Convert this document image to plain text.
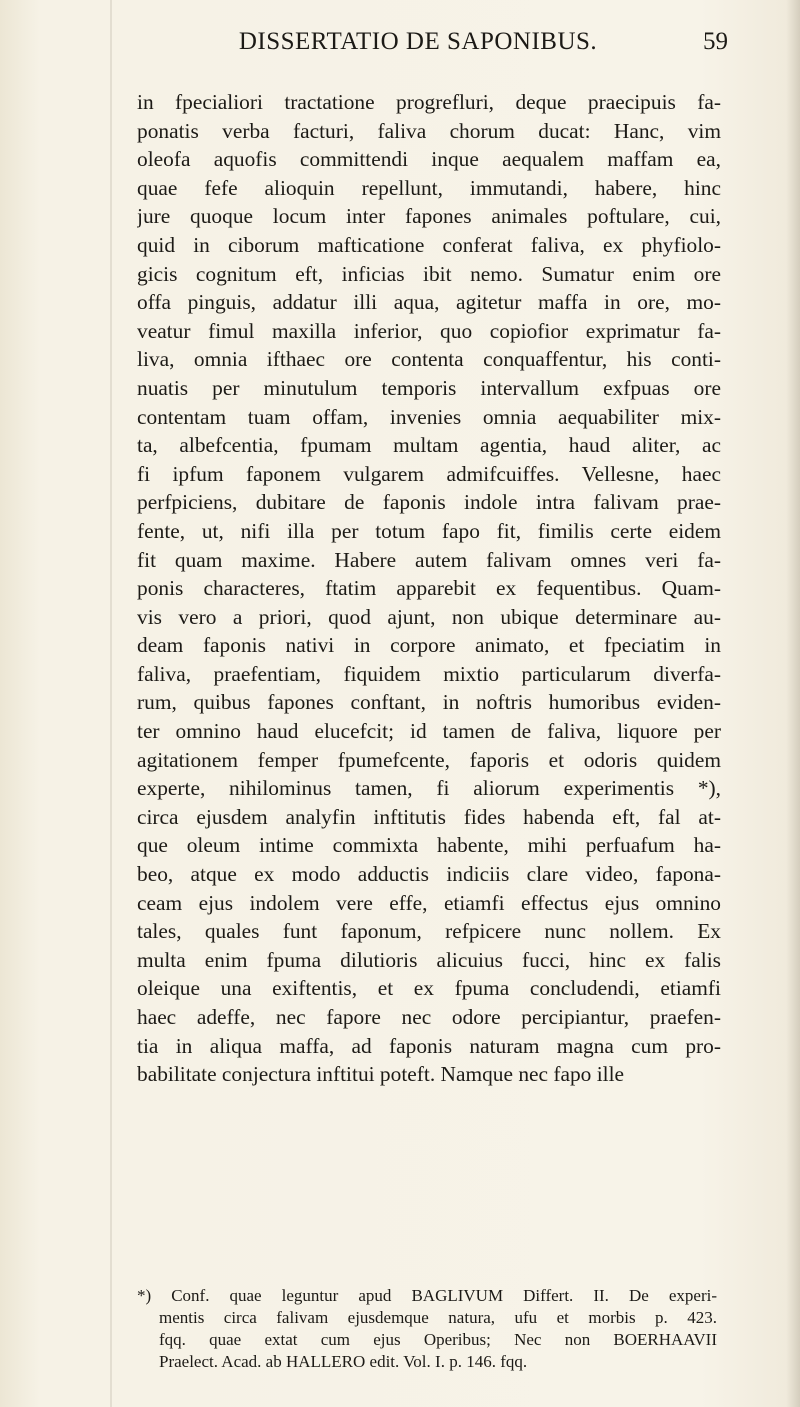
DISSERTATIO DE SAPONIBUS.	59
in fpecialiori tractatione progrefluri, deque praecipuis fa-
ponatis verba facturi, faliva chorum ducat: Hanc, vim
oleofa aquofis committendi inque aequalem maffam ea,
quae fefe alioquin repellunt, immutandi, habere, hinc
jure quoque locum inter fapones animales poftulare, cui,
quid in ciborum mafticatione conferat faliva, ex phyfiolo-
gicis cognitum eft, inficias ibit nemo. Sumatur enim ore
offa pinguis, addatur illi aqua, agitetur maffa in ore, mo-
veatur fimul maxilla inferior, quo copiofior exprimatur fa-
liva, omnia ifthaec ore contenta conquaffentur, his conti-
nuatis per minutulum temporis intervallum exfpuas ore
contentam tuam offam, invenies omnia aequabiliter mix-
ta, albefcentia, fpumam multam agentia, haud aliter, ac
fi ipfum faponem vulgarem admifcuiffes. Vellesne, haec
perfpiciens, dubitare de faponis indole intra falivam prae-
fente, ut, nifi illa per totum fapo fit, fimilis certe eidem
fit quam maxime. Habere autem falivam omnes veri fa-
ponis charactеres, ftatim apparebit ex fequentibus. Quam-
vis vero a priori, quod ajunt, non ubique determinare au-
deam faponis nativi in corpore animato, et fpeciatim in
faliva, praefentiam, fiquidem mixtio particularum diverfa-
rum, quibus fapones conftant, in noftris humoribus eviden-
ter omnino haud elucefcit; id tamen de faliva, liquore per
agitationem femper fpumefcente, faporis et odoris quidem
experte, nihilominus tamen, fi aliorum experimentis *),
circa ejusdem analyfin inftitutis fides habenda eft, fal at-
que oleum intime commixta habente, mihi perfuafum ha-
beo, atque ex modo adductis indiciis clare video, fapona-
ceam ejus indolem vere effe, etiamfi effectus ejus omnino
tales, quales funt faponum, refpicere nunc nollem. Ex
multa enim fpuma dilutioris alicuius fucci, hinc ex falis
oleique una exiftentis, et ex fpuma concludendi, etiamfi
haec adeffe, nec fapore nec odore percipiantur, praefen-
tia in aliqua maffa, ad faponis naturam magna cum pro-
babilitate conjectura inftitui poteft. Namque nec fapo ille
*) Conf. quae leguntur apud BAGLIVUM Differt. II. De experi-
mentis circa falivam ejusdemque natura, ufu et morbis p. 423.
fqq. quae extat cum ejus Operibus; Nec non BOERHAAVII
Praelect. Acad. ab HALLERO edit. Vol. I. p. 146. fqq.
